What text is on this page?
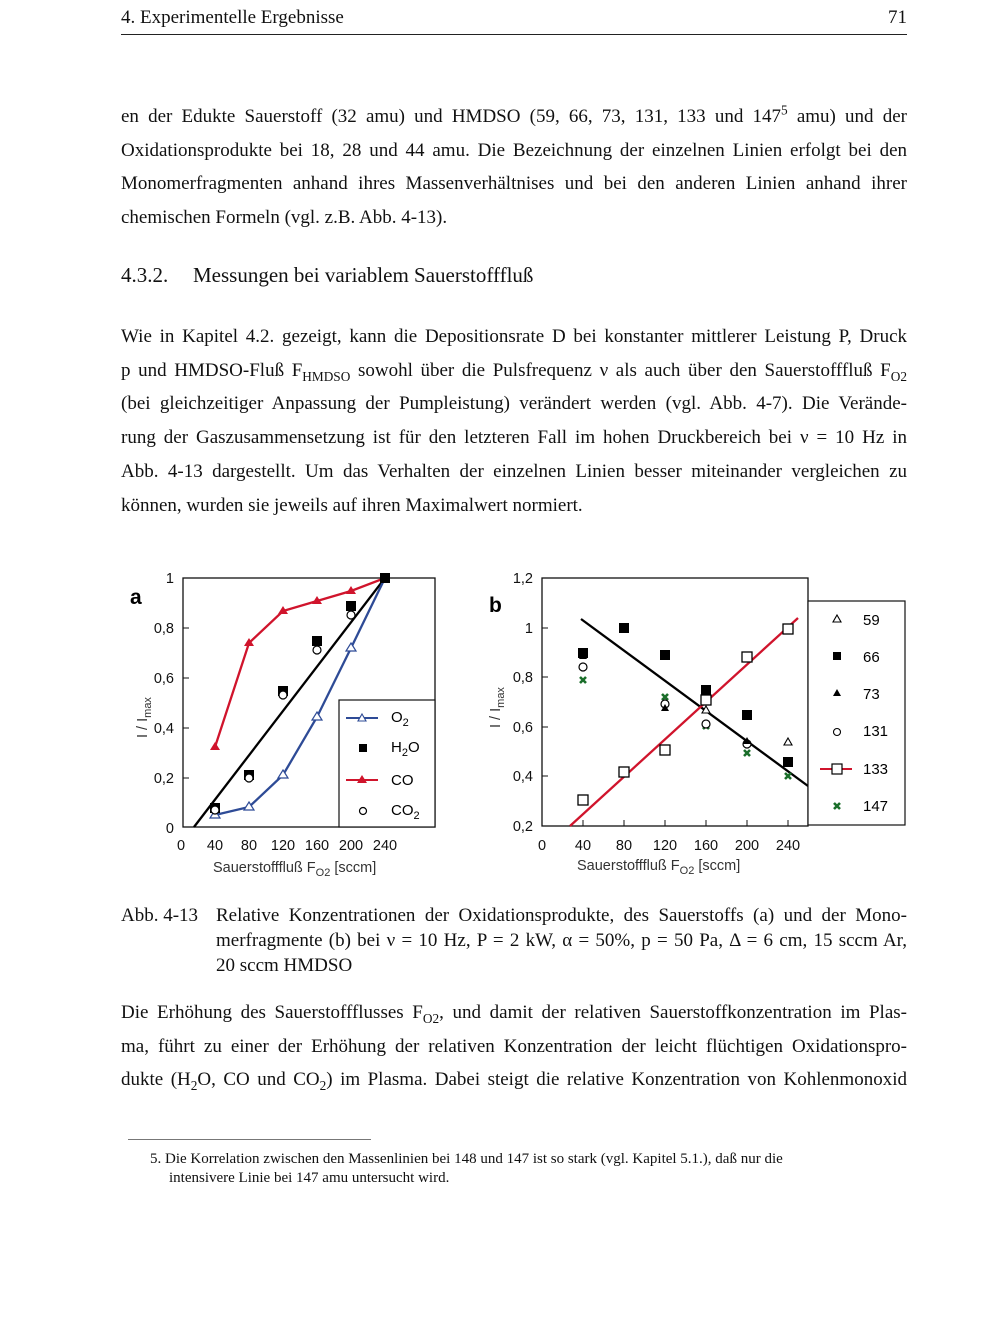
4. Experimentelle Ergebnisse	71
en der Edukte Sauerstoff (32 amu) und HMDSO (59, 66, 73, 131, 133 und $147^5$ amu) und der
Oxidationsprodukte bei 18, 28 und 44 amu. Die Bezeichnung der einzelnen Linien erfolgt bei den
Monomerfragmenten anhand ihres Massenverhältnises und bei den anderen Linien anhand ihrer
chemischen Formeln (vgl. z.B. Abb. 4-13).
4.3.2. Messungen bei variablem Sauerstofffluß
Wie in Kapitel 4.2. gezeigt, kann die Depositionsrate D bei konstanter mittlerer Leistung P, Druck
p und HMDSO-Fluß $F_{HMDSO}$ sowohl über die Pulsfrequenz ν als auch über den Sauerstofffluß $F_{O2}$
(bei gleichzeitiger Anpassung der Pumpleistung) verändert werden (vgl. Abb. 4-7). Die Verände-
rung der Gaszusammensetzung ist für den letzteren Fall im hohen Druckbereich bei ν = 10 Hz in
Abb. 4-13 dargestellt. Um das Verhalten der einzelnen Linien besser miteinander vergleichen zu
können, wurden sie jeweils auf ihren Maximalwert normiert.
a
1
0,8
0,6
0,4
0,2
0
0 40 80 120 160 200 240
Sauerstofffluß $F_{O2}$ [sccm]
I / $I_{max}$	$O_2$
$H_2O$
CO
$CO_2$
b
1,2
1
0,8
0,6
0,4
0,2
0 40 80 120 160 200 240
Sauerstofffluß $F_{O2}$ [sccm]
I / $I_{max}$
59
66
73
131
133
147
Abb. 4-13 Relative Konzentrationen der Oxidationsprodukte, des Sauerstoffs (a) und der Mono-
merfragmente (b) bei ν = 10 Hz, P = 2 kW, α = 50%, p = 50 Pa, Δ = 6 cm, 15 sccm Ar,
20 sccm HMDSO
Die Erhöhung des Sauerstoffflusses $F_{O2}$, und damit der relativen Sauerstoffkonzentration im Plas-
ma, führt zu einer der Erhöhung der relativen Konzentration der leicht flüchtigen Oxidationspro-
dukte ($H_2O$, CO und $CO_2$) im Plasma. Dabei steigt die relative Konzentration von Kohlenmonoxid
5. Die Korrelation zwischen den Massenlinien bei 148 und 147 ist so stark (vgl. Kapitel 5.1.), daß nur die
intensivere Linie bei 147 amu untersucht wird.
